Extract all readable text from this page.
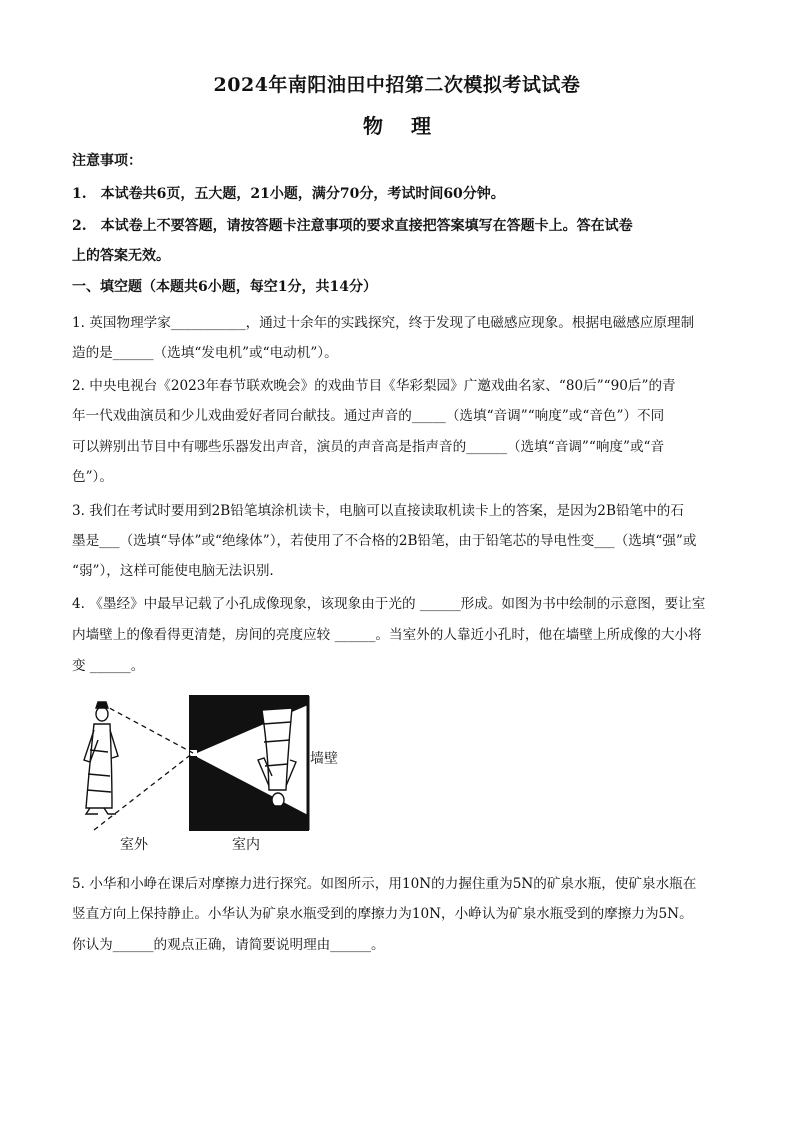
2024年南阳油田中招第二次模拟考试试卷
物 理
注意事项：
1.　本试卷共6页，五大题，21小题，满分70分，考试时间60分钟。
2.　本试卷上不要答题，请按答题卡注意事项的要求直接把答案填写在答题卡上。答在试卷
上的答案无效。
一、填空题（本题共6小题，每空1分，共14分）
1. 英国物理学家___________，通过十余年的实践探究，终于发现了电磁感应现象。根据电磁感应原理制
造的是______（选填“发电机”或“电动机”）。
2. 中央电视台《2023年春节联欢晚会》的戏曲节目《华彩梨园》广邀戏曲名家、“80后”“90后”的青
年一代戏曲演员和少儿戏曲爱好者同台献技。通过声音的_____（选填“音调”“响度”或“音色”）不同
可以辨别出节目中有哪些乐器发出声音，演员的声音高是指声音的______（选填“音调”“响度”或“音
色”）。
3. 我们在考试时要用到2B铅笔填涂机读卡，电脑可以直接读取机读卡上的答案，是因为2B铅笔中的石
墨是___（选填“导体”或“绝缘体”），若使用了不合格的2B铅笔，由于铅笔芯的导电性变___（选填“强”或
“弱”），这样可能使电脑无法识别.
4. 《墨经》中最早记载了小孔成像现象，该现象由于光的 ______形成。如图为书中绘制的示意图，要让室
内墙壁上的像看得更清楚，房间的亮度应较 ______。当室外的人靠近小孔时，他在墙壁上所成像的大小将
变 ______。
室外	室内
墙壁
5. 小华和小峥在课后对摩擦力进行探究。如图所示，用10N的力握住重为5N的矿泉水瓶，使矿泉水瓶在
竖直方向上保持静止。小华认为矿泉水瓶受到的摩擦力为10N，小峥认为矿泉水瓶受到的摩擦力为5N。
你认为______的观点正确，请简要说明理由______。
